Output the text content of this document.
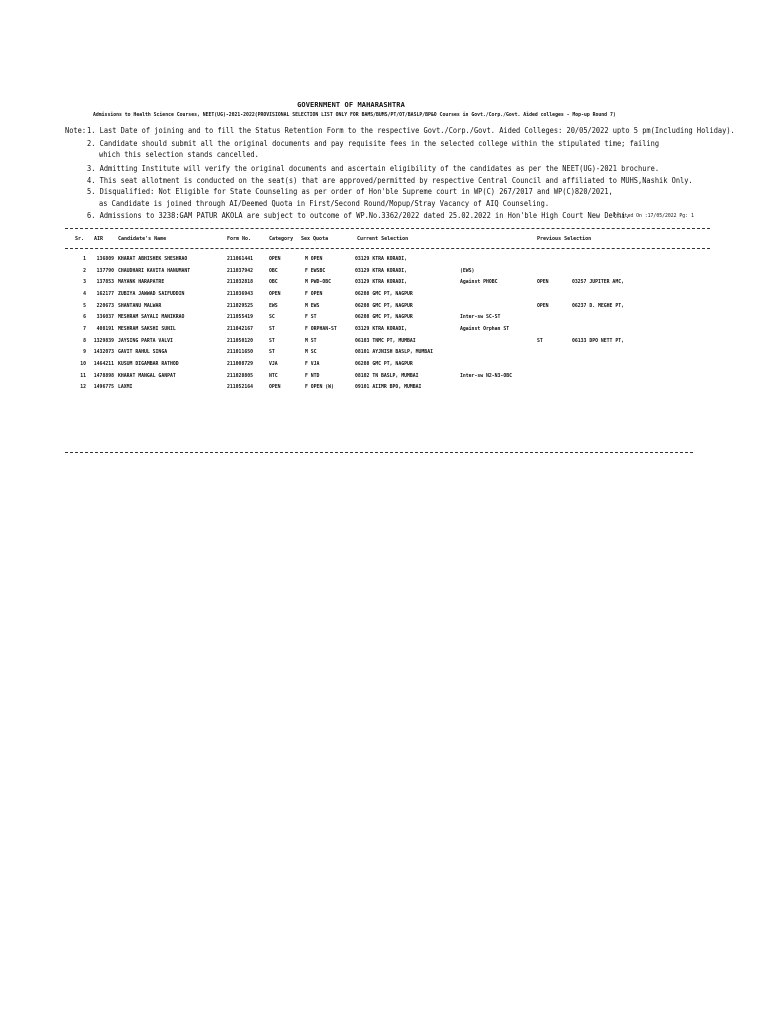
GOVERNMENT OF MAHARASHTRA
Admissions to Health Science Courses, NEET(UG)-2021-2022(PROVISIONAL SELECTION LIST ONLY FOR BAMS/BUMS/PT/OT/BASLP/BP&O Courses in Govt./Corp./Govt. Aided colleges - Mop-up Round 7)
Note: 1. Last Date of joining and to fill the Status Retention Form to the respective Govt./Corp./Govt. Aided Colleges: 20/05/2022 upto 5 pm(Including Holiday).
2. Candidate should submit all the original documents and pay requisite fees in the selected college within the stipulated time; failing
which this selection stands cancelled.
3. Admitting Institute will verify the original documents and ascertain eligibility of the candidates as per the NEET(UG)-2021 brochure.
4. This seat allotment is conducted on the seat(s) that are approved/permitted by respective Central Council and affiliated to MUHS,Nashik Only.
5. Disqualified: Not Eligible for State Counseling as per order of Hon'ble Supreme court in WP(C) 267/2017 and WP(C)820/2021,
as Candidate is joined through AI/Deemed Quota in First/Second Round/Mopup/Stray Vacancy of AIQ Counseling.
6. Admissions to 3238:GAM PATUR AKOLA are subject to outcome of WP.No.3362/2022 dated 25.02.2022 in Hon'ble High Court New Delhi.
Printed On :17/05/2022 Pg: 1
Sr. AIR	Candidate's Name	Form No.	Category Sex Quota	Current Selection	Previous Selection
1	136809 KHARAT ABHISHEK SHESHRAO	211061441	OPEN	M OPEN	03129 KTRA KORADI,
2	137790 CHAUDHARI KAVITA HANUMANT	211037942	OBC	F EWSBC	03129 KTRA KORADI,	(EWS)
3	137853 MAYANK HARAPATRE	211032818	OBC	M PWD-OBC	03129 KTRA KORADI,	Against PHOBC	OPEN	03257 JUPITER AMC,
4	162177 ZUBIYA JAWWAD SAIFUDDIN	211036943	OPEN	F OPEN	06208 GMC PT, NAGPUR
5	220673 SHANTANU MALWAR	211029525	EWS	M EWS	06208 GMC PT, NAGPUR	OPEN	06237 D. MEGHE PT,
6	336037 MESHRAM SAYALI MANIKRAO	211055419	SC	F ST	06208 GMC PT, NAGPUR	Inter-sw SC-ST
7	408191 MESHRAM SAKSHI SUNIL	211042167	ST	F ORPHAN-ST	03129 KTRA KORADI,	Against Orphan ST
8	1329839 JAYSING PARTA VALVI	211050120	ST	M ST	06103 TNMC PT, MUMBAI	ST	06133 DPO NETT PT,
9	1432073 GAVIT RAHUL SINGA	211011650	ST	M SC	08101 AYJNISH BASLP, MUMBAI
10	1464211 KUSUM DIGAMBAR RATHOD	211008729	VJA	F VJA	06208 GMC PT, NAGPUR
11	1478898 KHARAT MANGAL GANPAT	211028805	NTC	F NTD	08102 TN BASLP, MUMBAI	Inter-sw N2-N3-OBC
12	1496775 LAXMI	211052164	OPEN	F OPEN (W)	09101 AIIMR BPO, MUMBAI
